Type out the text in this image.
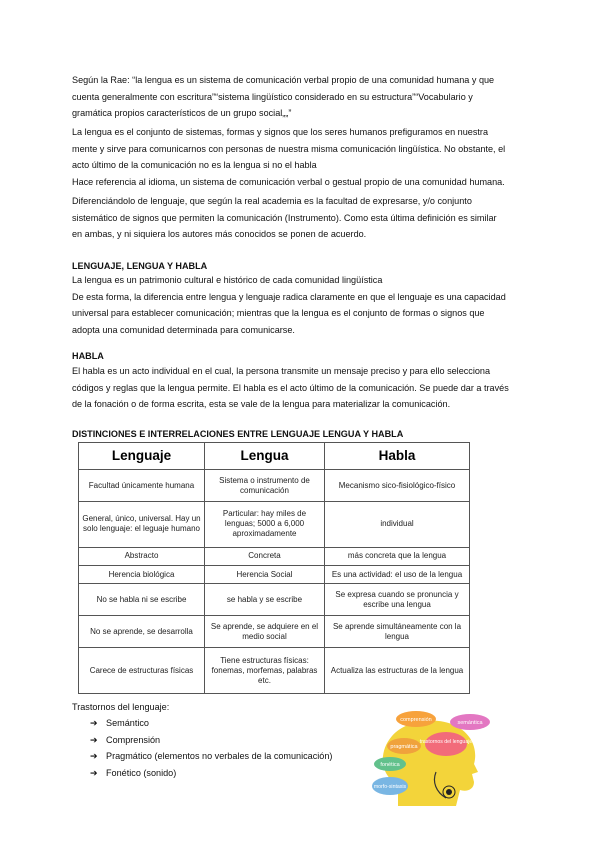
Según la Rae: “la lengua es un sistema de comunicación verbal propio de una comunidad humana y que
cuenta generalmente con escritura”“sistema lingüístico considerado en su estructura”“Vocabulario y
gramática propios característicos de un grupo social„„”

La lengua es el conjunto de sistemas, formas y signos que los seres humanos prefiguramos en nuestra
mente y sirve para comunicarnos con personas de nuestra misma comunicación lingüística. No obstante, el
acto último de la comunicación no es la lengua si no el habla
Hace referencia al idioma, un sistema de comunicación verbal o gestual propio de una comunidad humana.

Diferenciándolo de lenguaje, que según la real academia es la facultad de expresarse, y/o conjunto
sistemático de signos que permiten la comunicación (Instrumento). Como esta última definición es similar
en ambas, y ni siquiera los autores más conocidos se ponen de acuerdo.

LENGUAJE, LENGUA Y HABLA

La lengua es un patrimonio cultural e histórico de cada comunidad lingüística
De esta forma, la diferencia entre lengua y lenguaje radica claramente en que el lenguaje es una capacidad
universal para establecer comunicación; mientras que la lengua es el conjunto de formas o signos que
adopta una comunidad determinada para comunicarse.

HABLA

El habla es un acto individual en el cual, la persona transmite un mensaje preciso y para ello selecciona
códigos y reglas que la lengua permite. El habla es el acto último de la comunicación. Se puede dar a través
de la fonación o de forma escrita, esta se vale de la lengua para materializar la comunicación.

DISTINCIONES E INTERRELACIONES ENTRE LENGUAJE LENGUA Y HABLA
Lenguaje	Lengua	Habla
Facultad únicamente humana	Sistema o instrumento de comunicación	Mecanismo sico-fisiológico-físico
General, único, universal. Hay un solo lenguaje: el leguaje humano	Particular: hay miles de lenguas; 5000 a 6,000 aproximadamente	individual
Abstracto	Concreta	más concreta que la lengua
Herencia biológica	Herencia Social	Es una actividad: el uso de la lengua
No se habla ni se escribe	se habla y se escribe	Se expresa cuando se pronuncia y escribe una lengua
No se aprende, se desarrolla	Se aprende, se adquiere en el medio social	Se aprende simultáneamente con la lengua
Carece de estructuras físicas	Tiene estructuras físicas: fonemas, morfemas, palabras etc.	Actualiza las estructuras de la lengua
Trastornos del lenguaje:
➔ Semántico
➔ Comprensión
➔ Pragmático (elementos no verbales de la comunicación)
➔ Fonético (sonido)
comprensión	semántica
pragmática
trastornos del lenguaje
fonética
morfo-sintaxis
